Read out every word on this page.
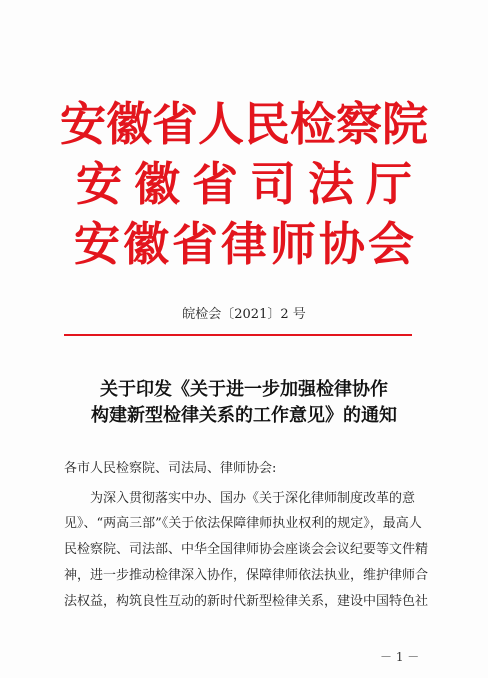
安徽省人民检察院
安徽省司法厅
安徽省律师协会
皖检会〔2021〕2 号
关于印发《关于进一步加强检律协作
构建新型检律关系的工作意见》的通知
各市人民检察院、司法局、律师协会:
为深入贯彻落实中办、国办《关于深化律师制度改革的意
见》、“两高三部”《关于依法保障律师执业权利的规定》，最高人
民检察院、司法部、中华全国律师协会座谈会会议纪要等文件精
神，进一步推动检律深入协作，保障律师依法执业，维护律师合
法权益，构筑良性互动的新时代新型检律关系，建设中国特色社
－ 1 －
